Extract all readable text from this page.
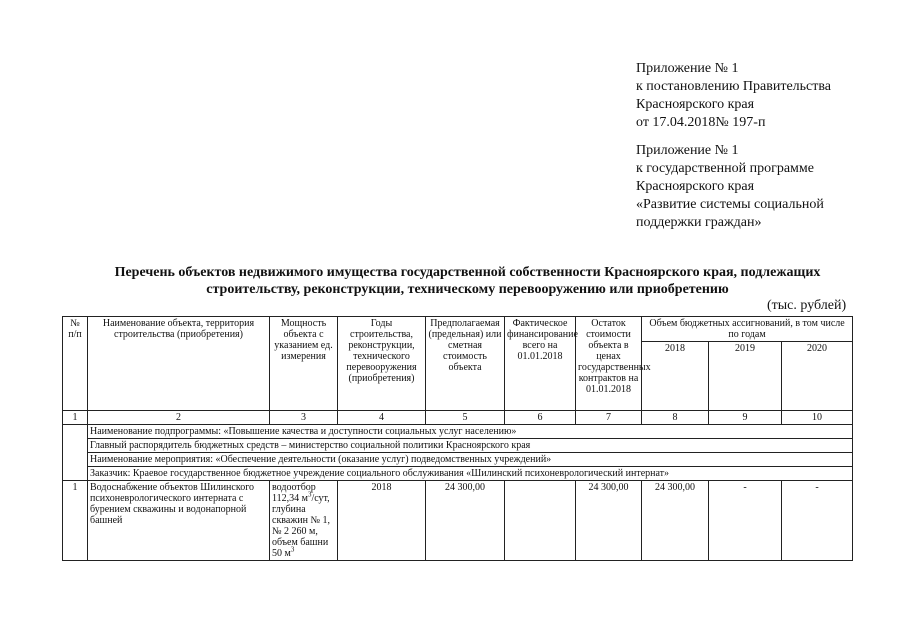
Приложение № 1
к постановлению Правительства
Красноярского края
от 17.04.2018№ 197-п
Приложение № 1
к государственной программе
Красноярского края
«Развитие системы социальной
поддержки граждан»
Перечень объектов недвижимого имущества государственной собственности Красноярского края, подлежащих
строительству, реконструкции, техническому перевооружению или приобретению
(тыс. рублей)
№ п/п	Наименование объекта, территория строительства (приобретения)	Мощность объекта с указанием ед. измерения	Годы строительства, реконструкции, технического перевооружения (приобретения)	Предполагаемая (предельная) или сметная стоимость объекта	Фактическое финансирование всего на 01.01.2018	Остаток стоимости объекта в ценах государственных контрактов на 01.01.2018	Объем бюджетных ассигнований, в том числе по годам		
							2018	2019	2020
1	2	3	4	5	6	7	8	9	10
	Наименование подпрограммы: «Повышение качества и доступности социальных услуг населению»								
	Главный распорядитель бюджетных средств – министерство социальной политики Красноярского края								
	Наименование мероприятия: «Обеспечение деятельности (оказание услуг) подведомственных учреждений»								
	Заказчик: Краевое государственное бюджетное учреждение социального обслуживания «Шилинский психоневрологический интернат»								
1	Водоснабжение объектов Шилинского психоневрологического интерната с бурением скважины и водонапорной башней	водоотбор 112,34 $м^3$/сут, глубина скважин № 1, № 2 260 м, объем башни 50 $м^3$	2018	24 300,00		24 300,00	24 300,00	-	-
